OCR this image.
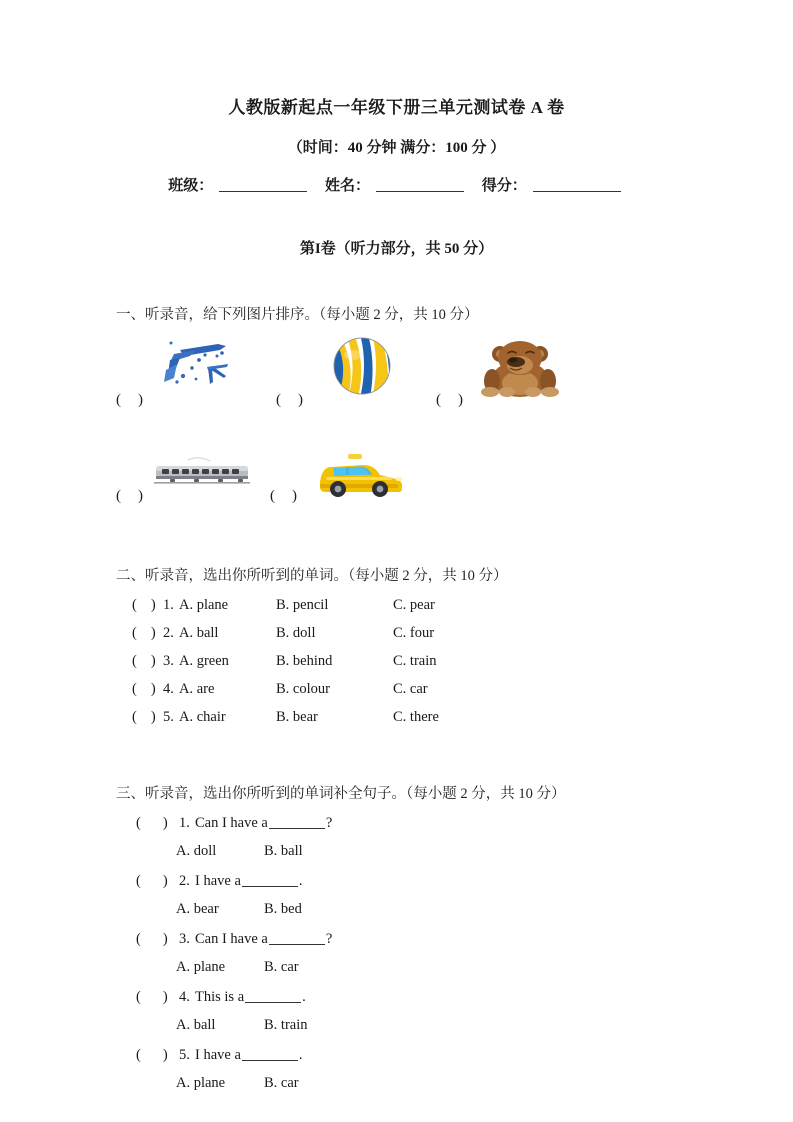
人教版新起点一年级下册三单元测试卷 A 卷
（时间：40 分钟 满分：100 分 ）
班级：	姓名：	得分：
第I卷（听力部分，共 50 分）
一、听录音，给下列图片排序。（每小题 2 分，共 10 分）
( )	( )	( )
( )	( )
二、听录音，选出你所听到的单词。（每小题 2 分，共 10 分）
( ) 1. A. plane	B. pencil	C. pear
( ) 2. A. ball	B. doll	C. four
( ) 3. A. green	B. behind	C. train
( ) 4. A. are	B. colour	C. car
( ) 5. A. chair	B. bear	C. there
三、听录音，选出你所听到的单词补全句子。（每小题 2 分，共 10 分）
( ) 1. Can I have a	?
A. doll	B. ball
( ) 2. I have a	.
A. bear	B. bed
( ) 3. Can I have a	?
A. plane	B. car
( ) 4. This is a	.
A. ball	B. train
( ) 5. I have a	.
A. plane	B. car
